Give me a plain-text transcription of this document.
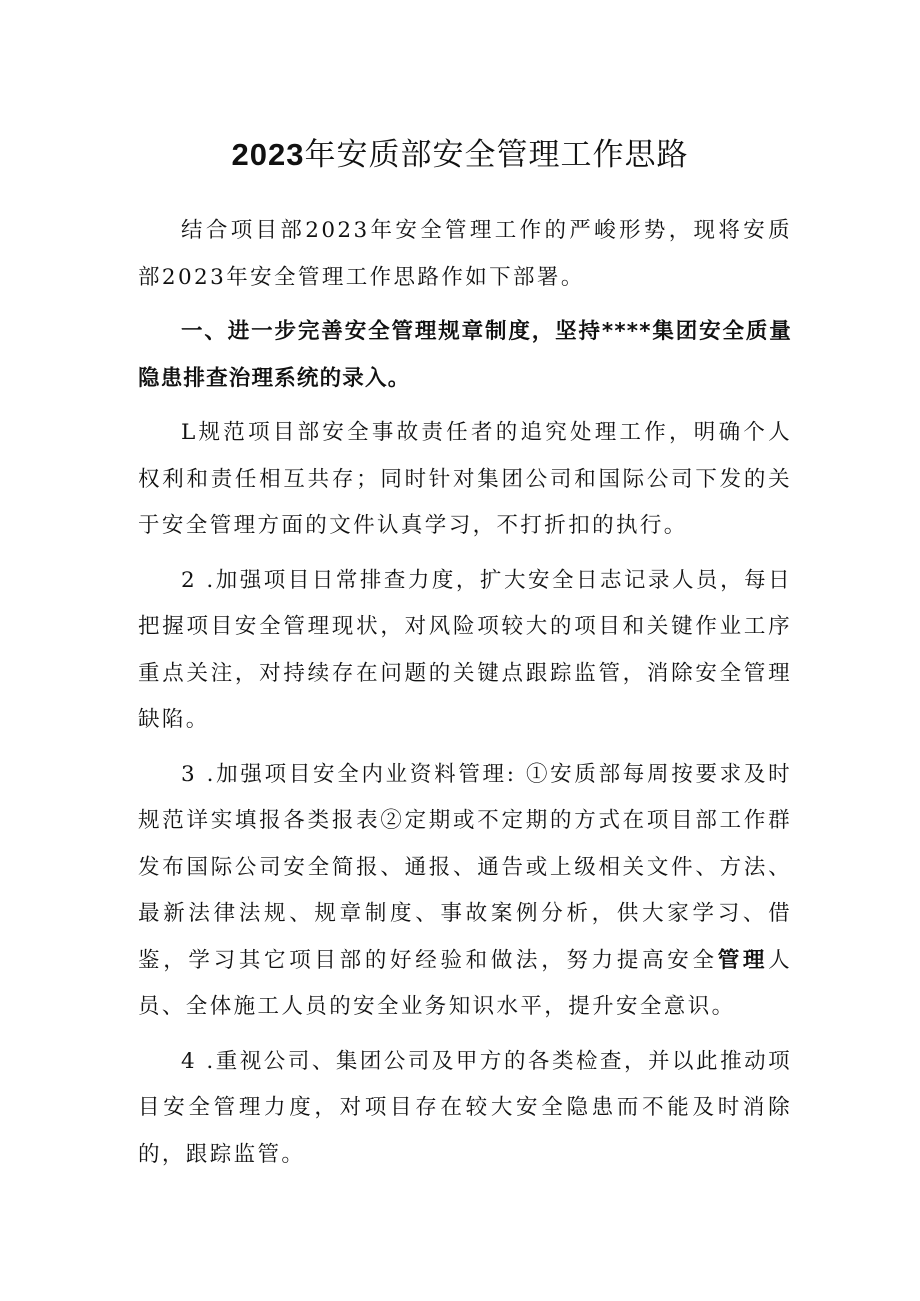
2023年安质部安全管理工作思路

结合项目部2023年安全管理工作的严峻形势，现将安质部2023年安全管理工作思路作如下部署。

一、进一步完善安全管理规章制度，坚持****集团安全质量隐患排查治理系统的录入。

L规范项目部安全事故责任者的追究处理工作，明确个人权利和责任相互共存；同时针对集团公司和国际公司下发的关于安全管理方面的文件认真学习，不打折扣的执行。

2 .加强项目日常排查力度，扩大安全日志记录人员，每日把握项目安全管理现状，对风险项较大的项目和关键作业工序重点关注，对持续存在问题的关键点跟踪监管，消除安全管理缺陷。

3 .加强项目安全内业资料管理: ①安质部每周按要求及时规范详实填报各类报表②定期或不定期的方式在项目部工作群发布国际公司安全简报、通报、通告或上级相关文件、方法、最新法律法规、规章制度、事故案例分析，供大家学习、借鉴，学习其它项目部的好经验和做法，努力提高安全管理人员、全体施工人员的安全业务知识水平，提升安全意识。

4 .重视公司、集团公司及甲方的各类检查，并以此推动项目安全管理力度，对项目存在较大安全隐患而不能及时消除的，跟踪监管。
